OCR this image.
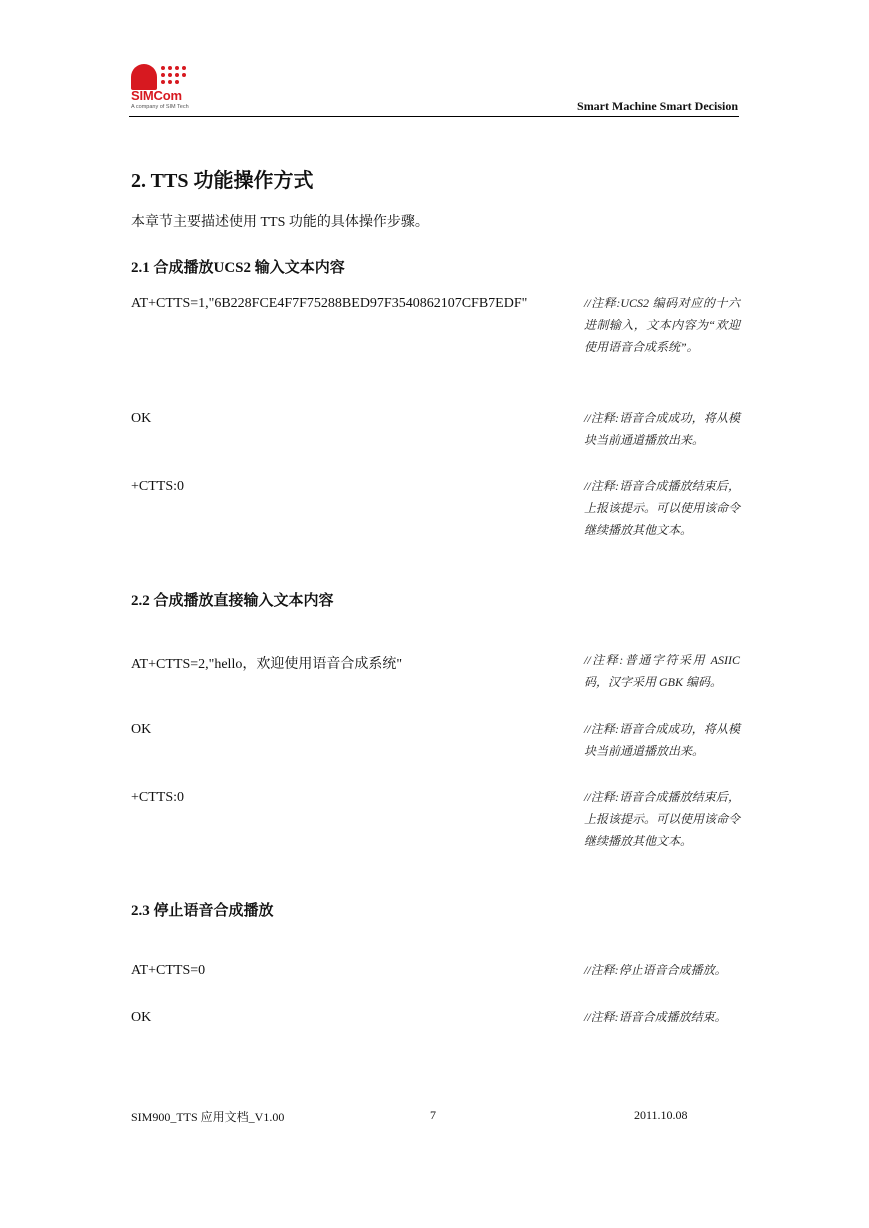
SIMCom
A company of SIM Tech	Smart Machine Smart Decision
2. TTS 功能操作方式
本章节主要描述使用 TTS 功能的具体操作步骤。
2.1 合成播放UCS2 输入文本内容
AT+CTTS=1,"6B228FCE4F7F75288BED97F3540862107CFB7EDF"	//注释:UCS2 编码对应的十六进制输入，文本内容为“欢迎使用语音合成系统”。
OK	//注释:语音合成成功，将从模块当前通道播放出来。
+CTTS:0	//注释:语音合成播放结束后，上报该提示。可以使用该命令继续播放其他文本。
2.2 合成播放直接输入文本内容
AT+CTTS=2,"hello，欢迎使用语音合成系统"	//注释:普通字符采用 ASIIC 码，汉字采用 GBK 编码。
OK	//注释:语音合成成功，将从模块当前通道播放出来。
+CTTS:0	//注释:语音合成播放结束后，上报该提示。可以使用该命令继续播放其他文本。
2.3 停止语音合成播放
AT+CTTS=0	//注释:停止语音合成播放。
OK	//注释:语音合成播放结束。
SIM900_TTS 应用文档_V1.00	7	2011.10.08
